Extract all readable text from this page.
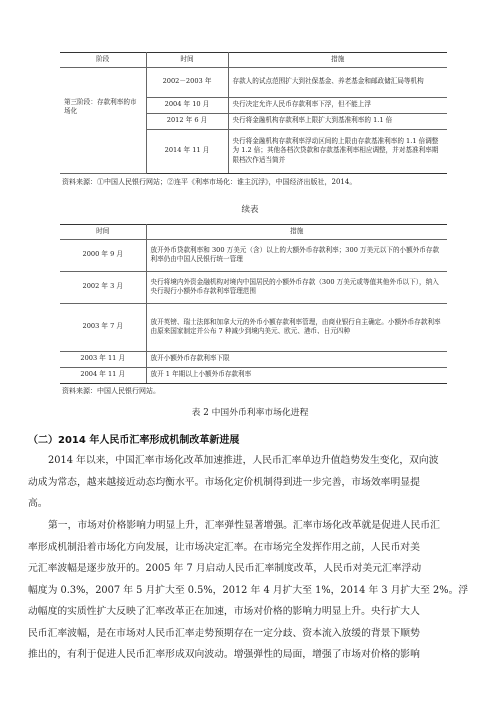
阶段	时间	措施
第三阶段：存款利率的市场化	2002－2003 年	存款人的试点范围扩大到社保基金、养老基金和邮政储汇局等机构
	2004 年 10 月	央行决定允许人民币存款利率下浮，但不能上浮
	2012 年 6 月	央行将金融机构存款利率上限扩大到基准利率的 1.1 倍
	2014 年 11 月	央行将金融机构存款利率浮动区间的上限由存款基准利率的 1.1 倍调整为 1.2 倍；其他各档次贷款和存款基准利率相应调整，并对基准利率期限档次作适当简并
资料来源：①中国人民银行网站；②连平《利率市场化：谁主沉浮》，中国经济出版社，2014。
续表
时间	措施
2000 年 9 月	放开外币贷款利率和 300 万美元（含）以上的大额外币存款利率；300 万美元以下的小额外币存款利率仍由中国人民银行统一管理
2002 年 3 月	央行将境内外资金融机构对境内中国居民的小额外币存款（300 万美元或等值其他外币以下），纳入央行现行小额外币存款利率管理范围
2003 年 7 月	放开英镑、瑞士法郎和加拿大元的外币小额存款利率管理，由商业银行自主确定。小额外币存款利率由原来国家制定并公布 7 种减少到境内美元、欧元、港币、日元四种
2003 年 11 月	放开小额外币存款利率下限
2004 年 11 月	放开 1 年期以上小额外币存款利率
资料来源：中国人民银行网站。
表 2 中国外币利率市场化进程
（二）2014 年人民币汇率形成机制改革新进展
2014 年以来，中国汇率市场化改革加速推进，人民币汇率单边升值趋势发生变化，双向波
动成为常态，越来越接近动态均衡水平。市场化定价机制得到进一步完善，市场效率明显提
高。
第一，市场对价格影响力明显上升，汇率弹性显著增强。汇率市场化改革就是促进人民币汇
率形成机制沿着市场化方向发展，让市场决定汇率。在市场完全发挥作用之前，人民币对美
元汇率波幅是逐步放开的。2005 年 7 月启动人民币汇率制度改革，人民币对美元汇率浮动
幅度为 0.3%，2007 年 5 月扩大至 0.5%，2012 年 4 月扩大至 1%，2014 年 3 月扩大至 2%。浮
动幅度的实质性扩大反映了汇率改革正在加速，市场对价格的影响力明显上升。央行扩大人
民币汇率波幅，是在市场对人民币汇率走势预期存在一定分歧、资本流入放缓的背景下顺势
推出的，有利于促进人民币汇率形成双向波动。增强弹性的局面，增强了市场对价格的影响
